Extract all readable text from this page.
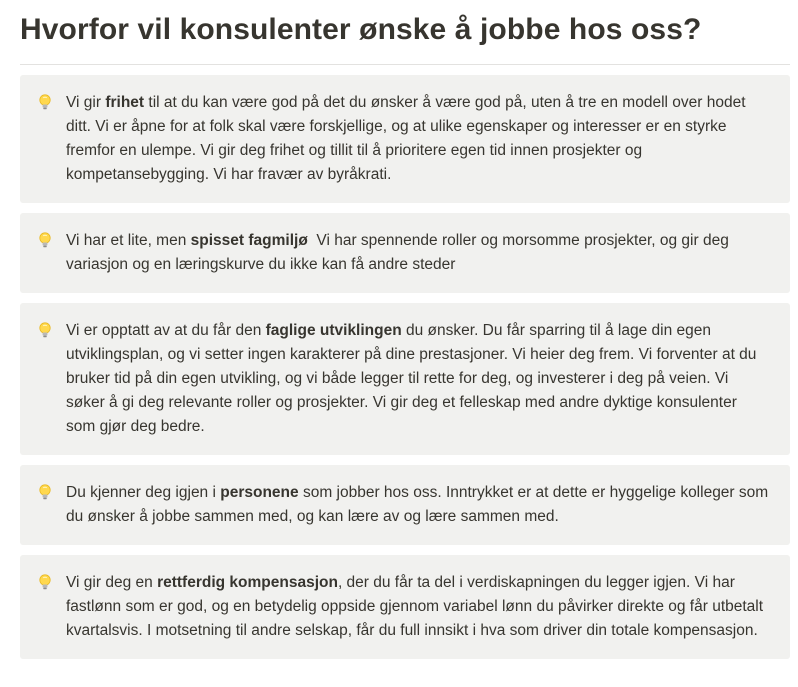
Hvorfor vil konsulenter ønske å jobbe hos oss?
Vi gir frihet til at du kan være god på det du ønsker å være god på, uten å tre en modell over hodet ditt. Vi er åpne for at folk skal være forskjellige, og at ulike egenskaper og interesser er en styrke fremfor en ulempe. Vi gir deg frihet og tillit til å prioritere egen tid innen prosjekter og kompetansebygging. Vi har fravær av byråkrati.
Vi har et lite, men spisset fagmiljø  Vi har spennende roller og morsomme prosjekter, og gir deg variasjon og en læringskurve du ikke kan få andre steder
Vi er opptatt av at du får den faglige utviklingen du ønsker. Du får sparring til å lage din egen utviklingsplan, og vi setter ingen karakterer på dine prestasjoner. Vi heier deg frem. Vi forventer at du bruker tid på din egen utvikling, og vi både legger til rette for deg, og investerer i deg på veien. Vi søker å gi deg relevante roller og prosjekter. Vi gir deg et felleskap med andre dyktige konsulenter som gjør deg bedre.
Du kjenner deg igjen i personene som jobber hos oss. Inntrykket er at dette er hyggelige kolleger som du ønsker å jobbe sammen med, og kan lære av og lære sammen med.
Vi gir deg en rettferdig kompensasjon, der du får ta del i verdiskapningen du legger igjen. Vi har fastlønn som er god, og en betydelig oppside gjennom variabel lønn du påvirker direkte og får utbetalt kvartalsvis. I motsetning til andre selskap, får du full innsikt i hva som driver din totale kompensasjon.
